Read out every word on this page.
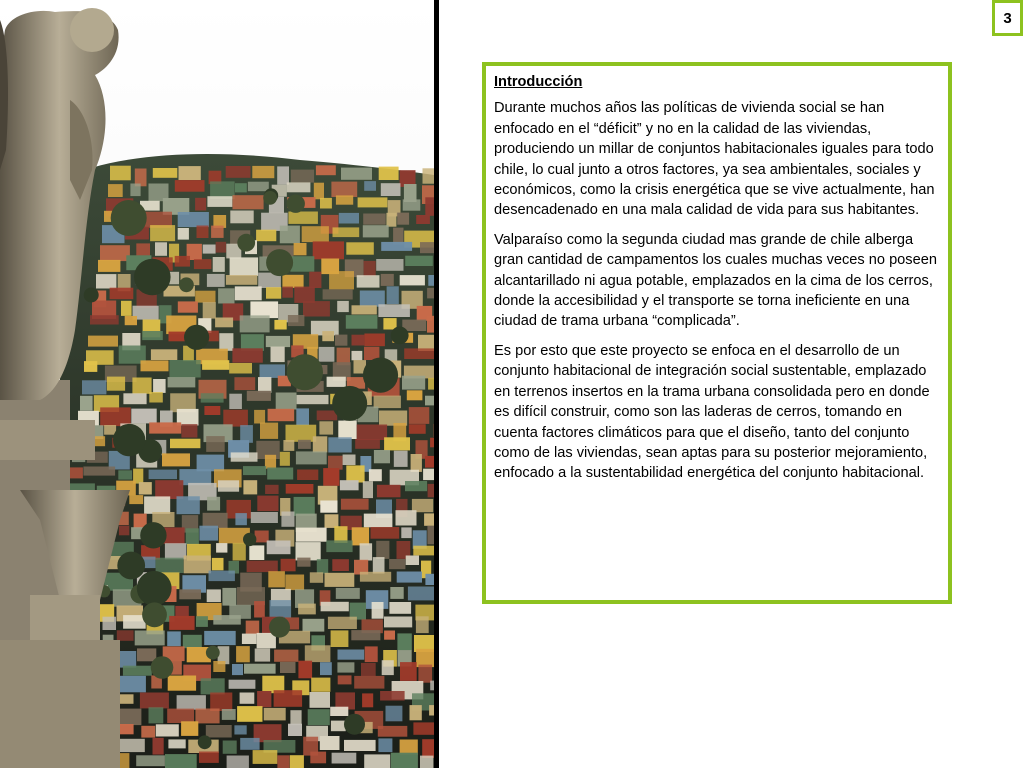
3

Introducción

Durante muchos años las políticas de vivienda social se han enfocado en el “déficit” y no en la calidad de las viviendas, produciendo un millar de conjuntos habitacionales iguales para todo chile, lo cual junto a otros factores, ya sea ambientales, sociales y económicos, como la crisis energética que se vive actualmente, han desencadenado en una mala calidad de vida para sus habitantes.

Valparaíso como la segunda ciudad mas grande de chile alberga gran cantidad de campamentos los cuales muchas veces no poseen alcantarillado ni agua potable, emplazados en la cima de los cerros, donde la accesibilidad y el transporte se torna ineficiente en una ciudad de trama urbana “complicada”.

Es por esto que este proyecto se enfoca en el desarrollo de un conjunto habitacional de integración social sustentable, emplazado en terrenos insertos en la trama urbana consolidada pero en donde es difícil construir, como son las laderas de cerros, tomando en cuenta factores climáticos para que el diseño, tanto del conjunto como de las viviendas, sean aptas para su posterior mejoramiento, enfocado a la sustentabilidad energética del conjunto habitacional.
